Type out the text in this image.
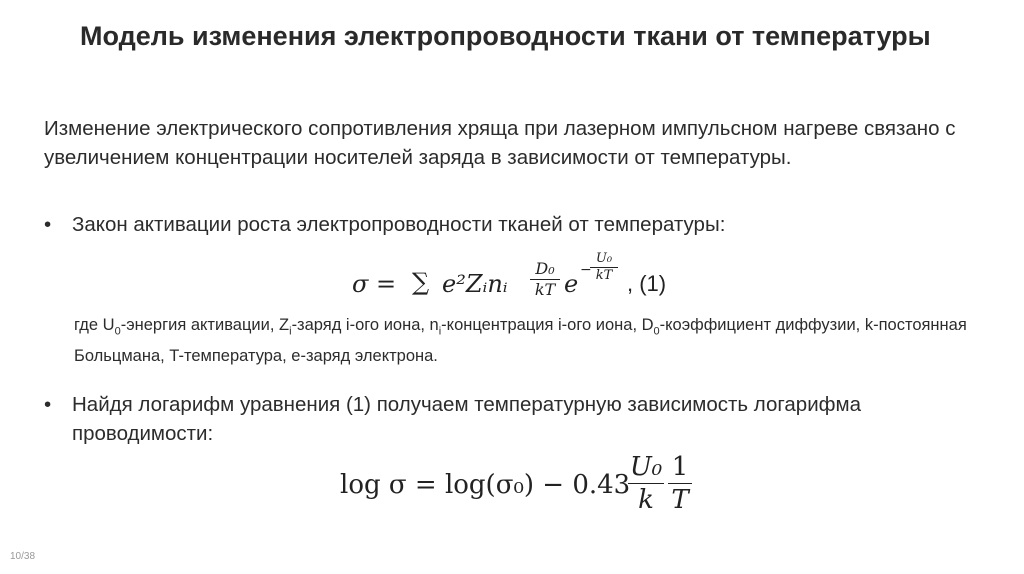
Модель изменения электропроводности ткани от температуры
Изменение электрического сопротивления хряща при лазерном импульсном нагреве связано с увеличением концентрации носителей заряда в зависимости от температуры.
• Закон активации роста электропроводности тканей от температуры:
σ = ∑ e²Zᵢnᵢ
D₀
kT e −
U₀
kT , (1)
где $U_0$-энергия активации, $Z_i$-заряд i-ого иона, $n_i$-концентрация i-ого иона, $D_0$-коэффициент диффузии, k-постоянная Больцмана, T-температура, e-заряд электрона.
• Найдя логарифм уравнения (1) получаем температурную зависимость логарифма проводимости:
log σ = log(σ₀) − 0.43
U₀
k
1
T
10/38
